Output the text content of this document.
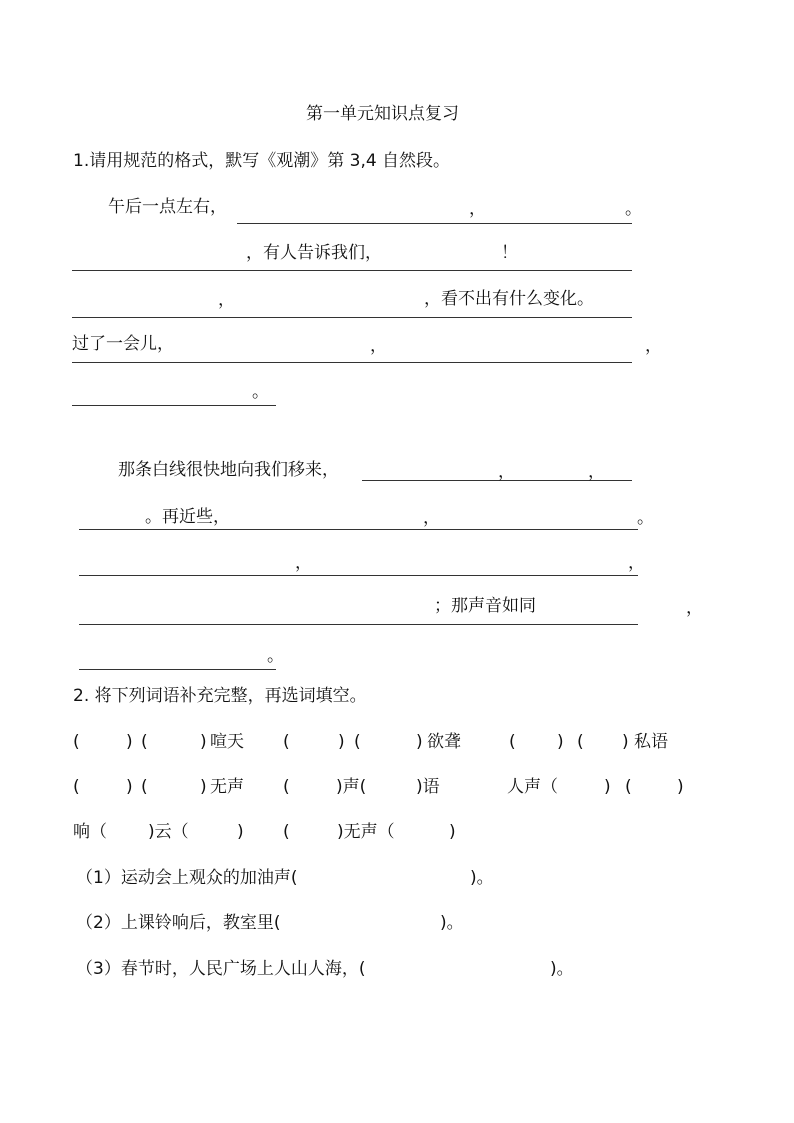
第一单元知识点复习
1.请用规范的格式，默写《观潮》第 3,4 自然段。
午后一点左右，	，	。
，有人告诉我们，	！
，	，看不出有什么变化。
过了一会儿，	，	，
。
那条白线很快地向我们移来，	，	，
。再近些，	，	。
，	，
；那声音如同	，
。
2. 将下列词语补充完整，再选词填空。
(	) (	) 喧天 (	) (	) 欲聋	( ) ( ) 私语
(	) (	) 无声 (	)声(	)语	人声（	) (	)
响（ )云（	) (	)无声（	)
（1）运动会上观众的加油声(	)。
（2）上课铃响后，教室里(	)。
（3）春节时，人民广场上人山人海，(	)。
